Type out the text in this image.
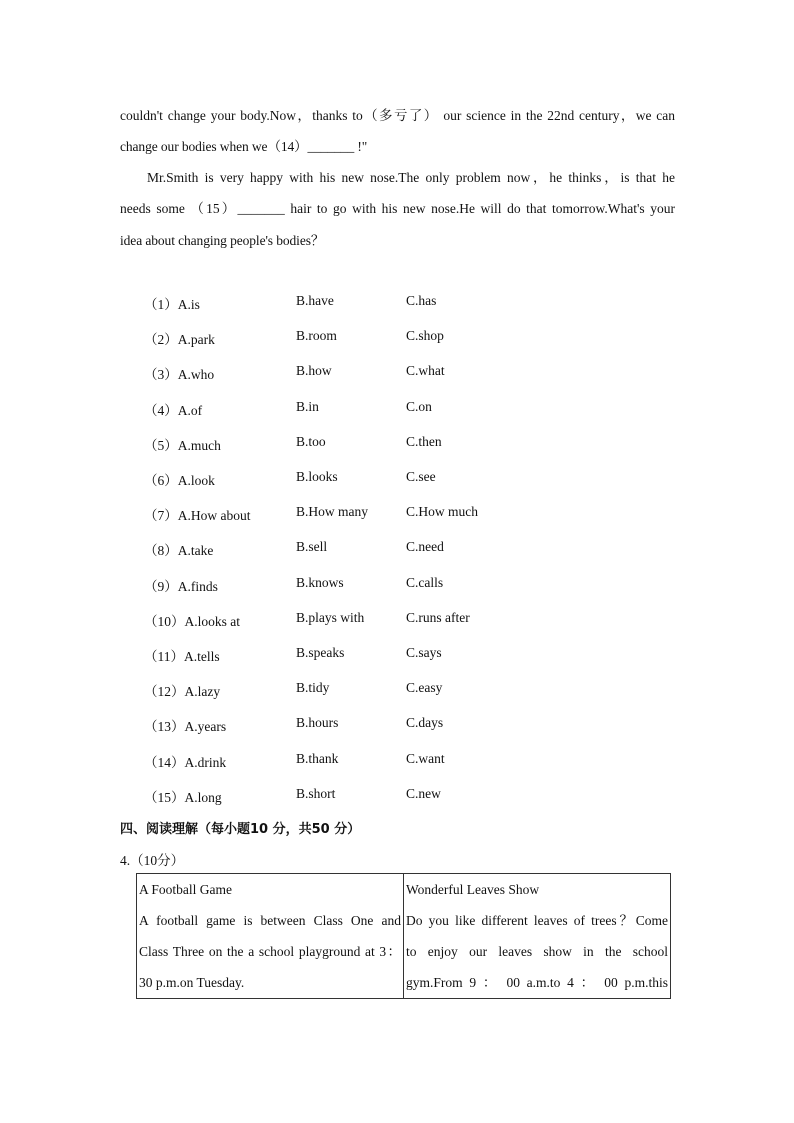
couldn't change your body.Now，thanks to（多亏了） our science in the 22nd century，we can
change our bodies when we（14）_______ !"
Mr.Smith is very happy with his new nose.The only problem now，he thinks，is that he
needs some （15）_______ hair to go with his new nose.He will do that tomorrow.What's your
idea about changing people's bodies？
（1）A.is	B.have	C.has
（2）A.park	B.room	C.shop
（3）A.who	B.how	C.what
（4）A.of	B.in	C.on
（5）A.much	B.too	C.then
（6）A.look	B.looks	C.see
（7）A.How about	B.How many	C.How much
（8）A.take	B.sell	C.need
（9）A.finds	B.knows	C.calls
（10）A.looks at	B.plays with	C.runs after
（11）A.tells	B.speaks	C.says
（12）A.lazy	B.tidy	C.easy
（13）A.years	B.hours	C.days
（14）A.drink	B.thank	C.want
（15）A.long	B.short	C.new
四、阅读理解（每小题10 分，共50 分）
4.（10分）
A Football Game
A football game is between Class One and
Class Three on the a school playground at 3：
30 p.m.on Tuesday.

Wonderful Leaves Show
Do you like different leaves of trees？Come
to enjoy our leaves show in the school
gym.From 9 ： 00 a.m.to 4 ： 00 p.m.this
